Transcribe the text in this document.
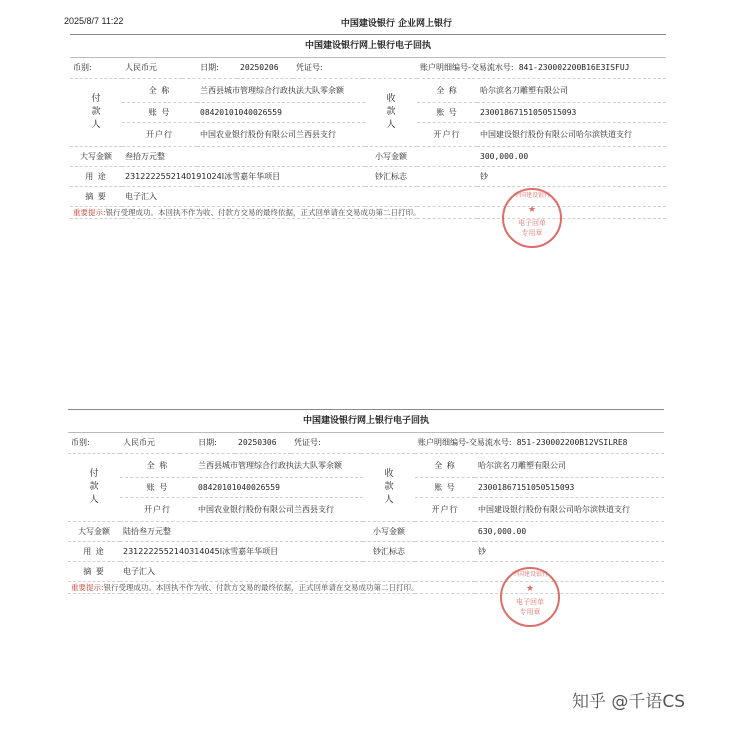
2025/8/7 11:22	中国建设银行 企业网上银行
中国建设银行网上银行电子回执
币别:	人民币元	日期:	20250206	凭证号:		账户明细编号-交易流水号: 841-230002200B16E3ISFUJ
付款人	全 称	兰西县城市管理综合行政执法大队零余额	收款人	全 称	哈尔滨名刀雕塑有限公司
	账 号	08420101040026559		账 号	23001867151050515093
	开户行	中国农业银行股份有限公司兰西县支行		开户行	中国建设银行股份有限公司哈尔滨铁道支行
大写金额	叁拾万元整		小写金额		300,000.00
用 途	2312222552140191024I冰雪嘉年华项目		钞汇标志		钞
摘 要	电子汇入				
重要提示:银行受理成功。本回执不作为收、付款方交易的最终依据，正式回单请在交易成功第二日打印。					
中国建设银行
★
电子回单
专用章
中国建设银行网上银行电子回执
币别:	人民币元	日期:	20250306	凭证号:		账户明细编号-交易流水号: 851-230002200B12VSILRE8
付款人	全 称	兰西县城市管理综合行政执法大队零余额	收款人	全 称	哈尔滨名刀雕塑有限公司
	账 号	08420101040026559		账 号	23001867151050515093
	开户行	中国农业银行股份有限公司兰西县支行		开户行	中国建设银行股份有限公司哈尔滨铁道支行
大写金额	陆拾叁万元整		小写金额		630,000.00
用 途	2312222552140314045I冰雪嘉年华项目		钞汇标志		钞
摘 要	电子汇入				
重要提示:银行受理成功。本回执不作为收、付款方交易的最终依据，正式回单请在交易成功第二日打印。					
中国建设银行
★
电子回单
专用章
知乎 @千语CS
